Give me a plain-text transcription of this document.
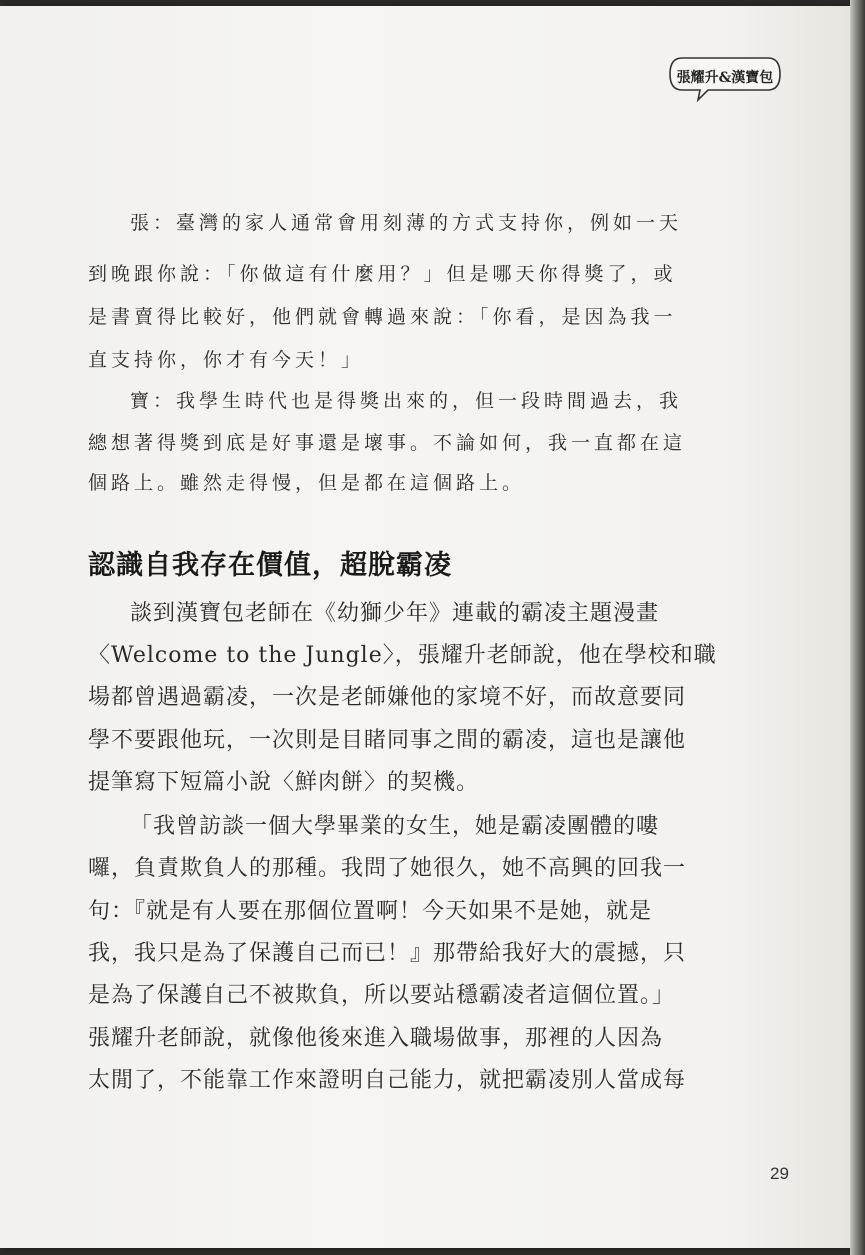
張耀升&漢寶包
張：臺灣的家人通常會用刻薄的方式支持你，例如一天
到晚跟你說：「你做這有什麼用？」但是哪天你得獎了，或
是書賣得比較好，他們就會轉過來說：「你看，是因為我一
直支持你，你才有今天！」
寶：我學生時代也是得獎出來的，但一段時間過去，我
總想著得獎到底是好事還是壞事。不論如何，我一直都在這
個路上。雖然走得慢，但是都在這個路上。
認識自我存在價值，超脫霸凌
談到漢寶包老師在《幼獅少年》連載的霸凌主題漫畫
〈Welcome to the Jungle〉，張耀升老師說，他在學校和職
場都曾遇過霸凌，一次是老師嫌他的家境不好，而故意要同
學不要跟他玩，一次則是目睹同事之間的霸凌，這也是讓他
提筆寫下短篇小說〈鮮肉餅〉的契機。
「我曾訪談一個大學畢業的女生，她是霸凌團體的嘍
囉，負責欺負人的那種。我問了她很久，她不高興的回我一
句：『就是有人要在那個位置啊！今天如果不是她，就是
我，我只是為了保護自己而已！』那帶給我好大的震撼，只
是為了保護自己不被欺負，所以要站穩霸凌者這個位置。」
張耀升老師說，就像他後來進入職場做事，那裡的人因為
太閒了，不能靠工作來證明自己能力，就把霸凌別人當成每
29
